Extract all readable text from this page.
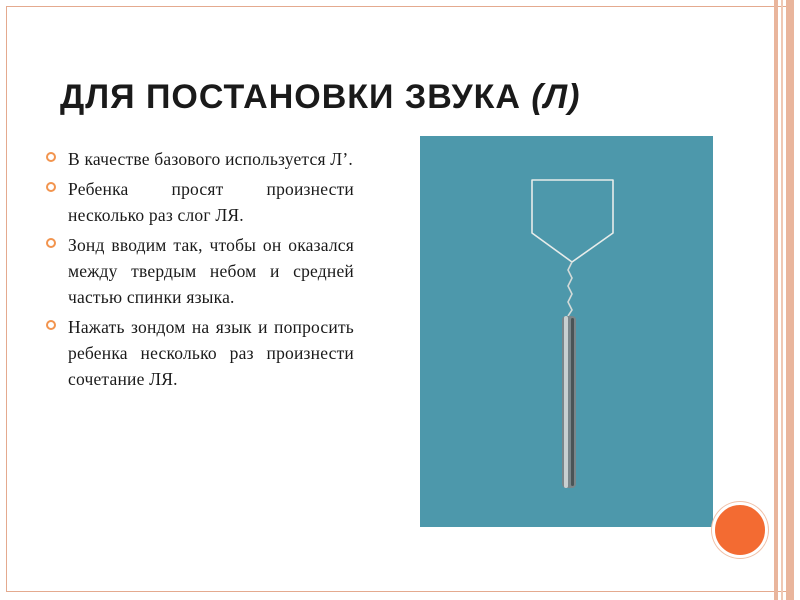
ДЛЯ ПОСТАНОВКИ ЗВУКА (Л)
В качестве базового используется Л’.
Ребенка просят произнести несколько раз слог ЛЯ.
Зонд вводим так, чтобы он оказался между твердым небом и средней частью спинки языка.
Нажать зондом на язык и попросить ребенка несколько раз произнести сочетание ЛЯ.
